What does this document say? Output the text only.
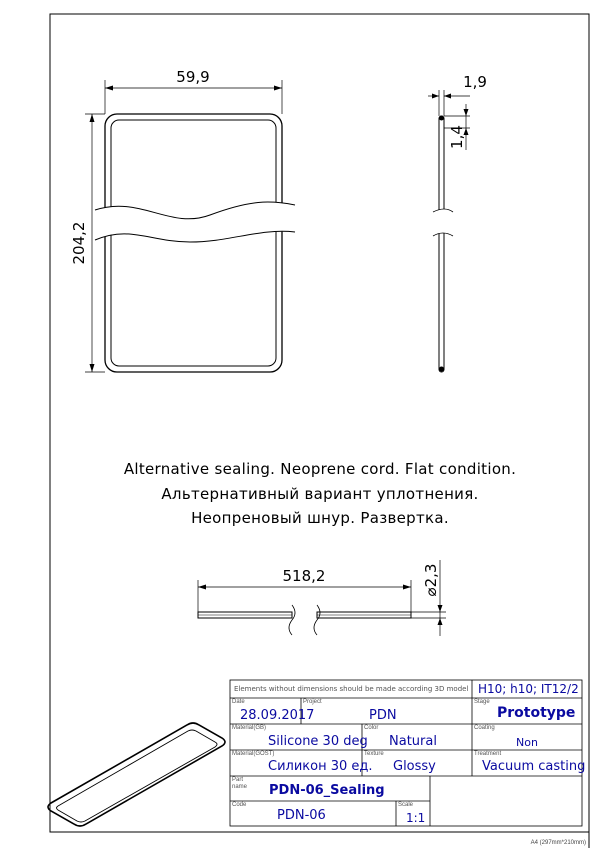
59,9
204,2
1,9
1,4
518,2	⌀2,3
Alternative sealing. Neoprene cord. Flat condition.
Альтернативный вариант уплотнения.
Неопреновый шнур. Развертка.
Elements without dimensions should be made according 3D model H10; h10; IT12/2
Date
28.09.2017
Project
PDN
Stage
Prototype
Material(GB)
Silicone 30 deg
Color
Natural
Coating
Non
Material(GOST)
Силикон 30 ед.
Texture
Glossy
Treatment
Vacuum casting
Part name PDN-06_Sealing
Code
PDN-06
Scale
1:1
A4 (297mm*210mm)
